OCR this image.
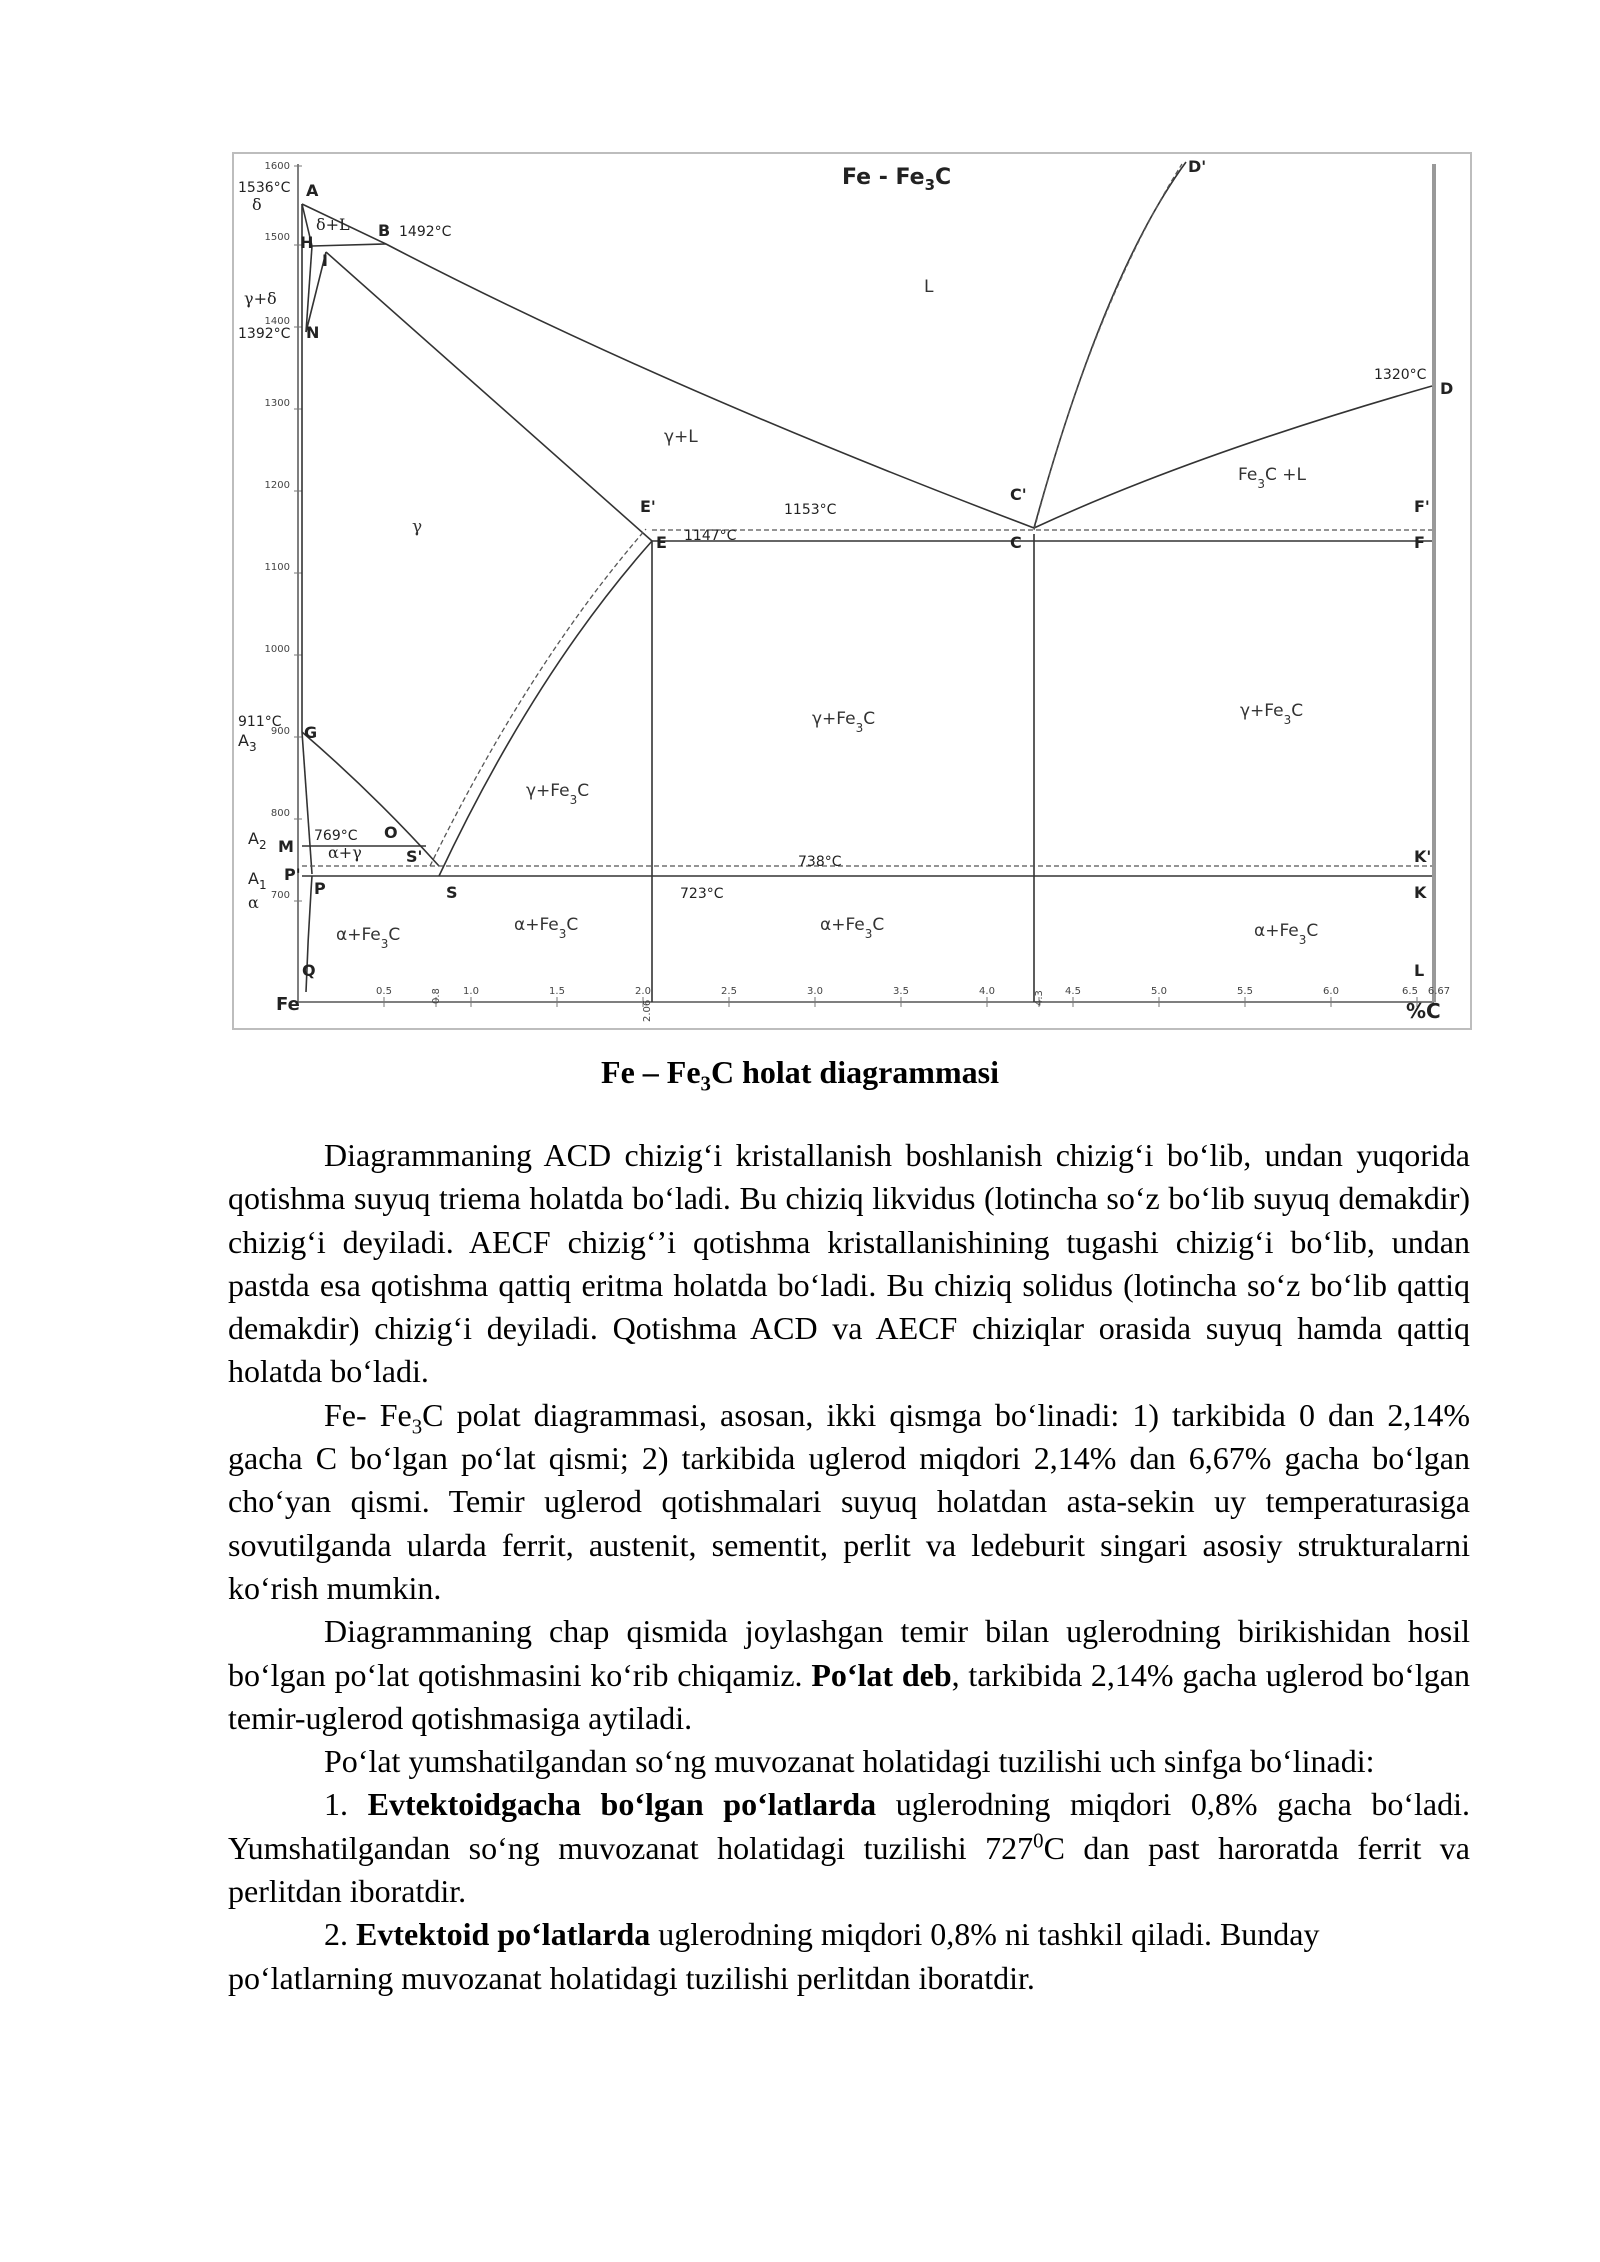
1600
1500
1400
1300
1200
1100
1000
900
800
700
0.5	1.0	1.5	2.0	2.5	3.0	3.5	4.0	4.5	5.0	5.5	6.0	6.5 6.67
0.8
2.06
4.3
Fe	%C
Fe - $Fe_3C$
1536°C
1492°C
1392°C
1320°C
1153°C
1147°C
911°C
769°C
738°C
723°C
A
B
H
I
N
D
D'
E'
E
C'
C
F'
F
G
M
O
S'
S
P
P'
K'
K
Q	L
δ
γ+δ
δ+L
α
α+γ
$A_3$
$A_2$
$A_1$
L
γ
γ+L
$Fe_3C +L$
$\gamma+Fe_3C$	$\gamma+Fe_3C$
$\gamma+Fe_3C$
$\alpha+Fe_3C$	$\alpha+Fe_3C$	$\alpha+Fe_3C$	$\alpha+Fe_3C$
Fe – $Fe_3C$ holat diagrammasi

Diagrammaning ACD chizig‘i kristallanish boshlanish chizig‘i bo‘lib, undan yuqorida qotishma suyuq triema holatda bo‘ladi. Bu chiziq likvidus (lotincha so‘z bo‘lib suyuq demakdir) chizig‘i deyiladi. AECF chizig‘’i qotishma kristallanishining tugashi chizig‘i bo‘lib, undan pastda esa qotishma qattiq eritma holatda bo‘ladi. Bu chiziq solidus (lotincha so‘z bo‘lib qattiq demakdir) chizig‘i deyiladi. Qotishma ACD va AECF chiziqlar orasida suyuq hamda qattiq holatda bo‘ladi.

Fe- $Fe_3C$ polat diagrammasi, asosan, ikki qismga bo‘linadi: 1) tarkibida 0 dan 2,14% gacha C bo‘lgan po‘lat qismi; 2) tarkibida uglerod miqdori 2,14% dan 6,67% gacha bo‘lgan cho‘yan qismi. Temir uglerod qotishmalari suyuq holatdan asta-sekin uy temperaturasiga sovutilganda ularda ferrit, austenit, sementit, perlit va ledeburit singari asosiy strukturalarni ko‘rish mumkin.

Diagrammaning chap qismida joylashgan temir bilan uglerodning birikishidan hosil bo‘lgan po‘lat qotishmasini ko‘rib chiqamiz. Po‘lat deb, tarkibida 2,14% gacha uglerod bo‘lgan temir-uglerod qotishmasiga aytiladi.

Po‘lat yumshatilgandan so‘ng muvozanat holatidagi tuzilishi uch sinfga bo‘linadi:

1. Evtektoidgacha bo‘lgan po‘latlarda uglerodning miqdori 0,8% gacha bo‘ladi. Yumshatilgandan so‘ng muvozanat holatidagi tuzilishi $727^0C$ dan past haroratda ferrit va perlitdan iboratdir.

2. Evtektoid po‘latlarda uglerodning miqdori 0,8% ni tashkil qiladi. Bunday po‘latlarning muvozanat holatidagi tuzilishi perlitdan iboratdir.
